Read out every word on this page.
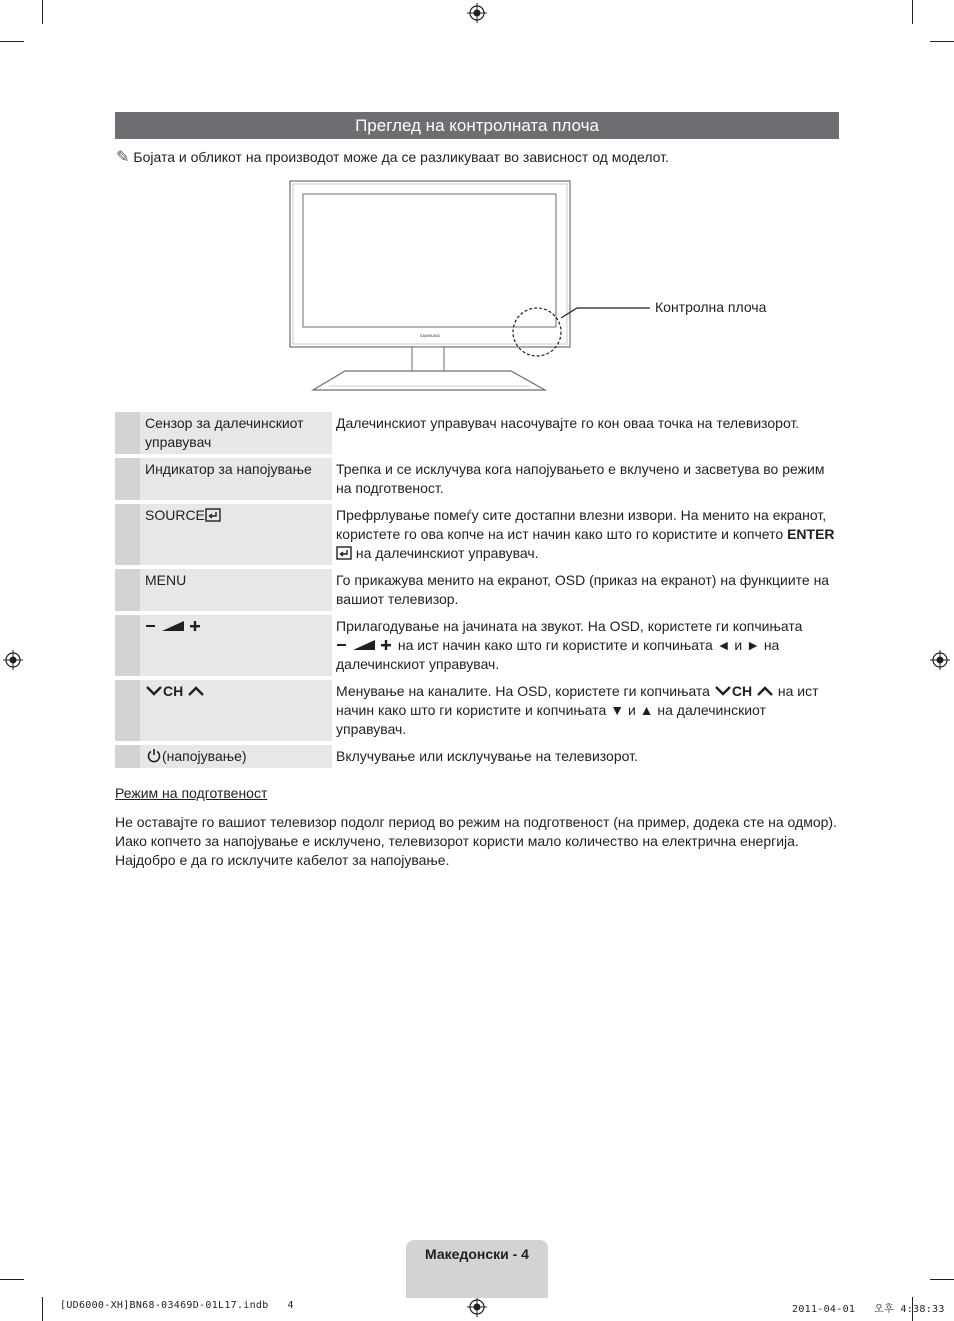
Преглед на контролната плоча
✎ Бојата и обликот на производот може да се разликуваат во зависност од моделот.
SAMSUNG
Контролна плоча
	Сензор за далечинскиот управувач		Далечинскиот управувач насочувајте го кон оваа точка на телевизорот.
	Индикатор за напојување		Трепка и се исклучува кога напојувањето е вклучено и засветува во режим на подготвеност.
	SOURCE		Префрлување помеѓу сите достапни влезни извори. На менито на екранот, користете го ова копче на ист начин како што го користите и копчето ENTER на далечинскиот управувач.
	MENU		Го прикажува менито на екранот, OSD (приказ на екранот) на функциите на вашиот телевизор.
			Прилагодување на јачината на звукот. На OSD, користете ги копчињата  на ист начин како што ги користите и копчињата ◄ и ► на далечинскиот управувач.
	CH		Менување на каналите. На OSD, користете ги копчињата CH  на ист начин како што ги користите и копчињата ▼ и ▲ на далечинскиот управувач.
	(напојување)		Вклучување или исклучување на телевизорот.
Режим на подготвеност
Не оставајте го вашиот телевизор подолг период во режим на подготвеност (на пример, додека сте на одмор). Иако копчето за напојување е исклучено, телевизорот користи мало количество на електрична енергија. Најдобро е да го исклучите кабелот за напојување.
Македонски - 4
[UD6000-XH]BN68-03469D-01L17.indb   4	2011-04-01   오후 4:38:33
